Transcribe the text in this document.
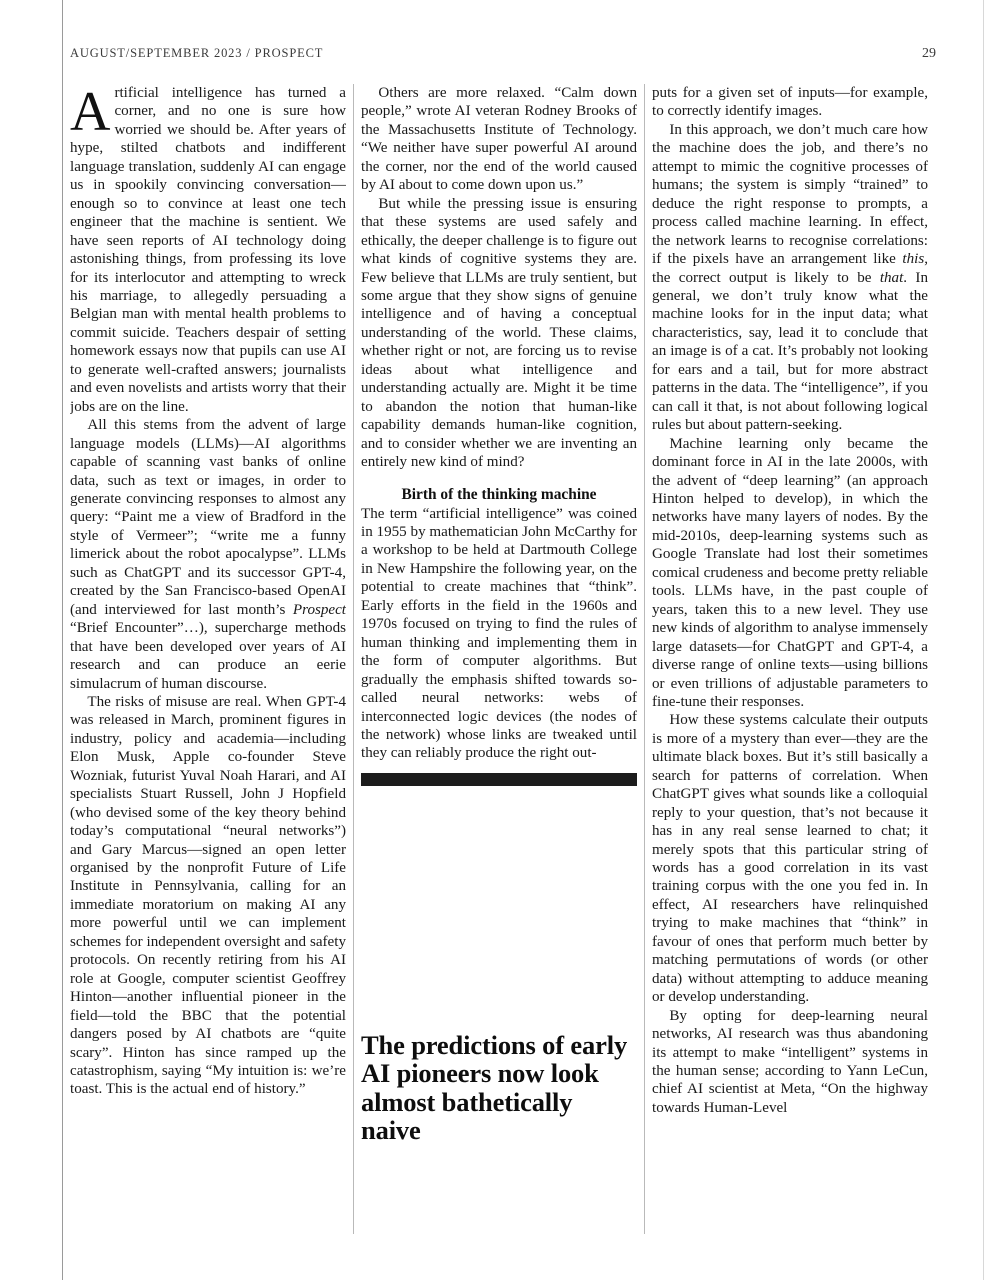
AUGUST/SEPTEMBER 2023 / PROSPECT	29

Artificial intelligence has turned a corner, and no one is sure how worried we should be. After years of hype, stilted chatbots and indifferent language translation, suddenly AI can engage us in spookily convincing conversation—enough so to convince at least one tech engineer that the machine is sentient. We have seen reports of AI technology doing astonishing things, from professing its love for its interlocutor and attempting to wreck his marriage, to allegedly persuading a Belgian man with mental health problems to commit suicide. Teachers despair of setting homework essays now that pupils can use AI to generate well-crafted answers; journalists and even novelists and artists worry that their jobs are on the line.

All this stems from the advent of large language models (LLMs)—AI algorithms capable of scanning vast banks of online data, such as text or images, in order to generate convincing responses to almost any query: “Paint me a view of Bradford in the style of Vermeer”; “write me a funny limerick about the robot apocalypse”. LLMs such as ChatGPT and its successor GPT-4, created by the San Francisco-based OpenAI (and interviewed for last month’s Prospect “Brief Encounter”…), supercharge methods that have been developed over years of AI research and can produce an eerie simulacrum of human discourse.

The risks of misuse are real. When GPT-4 was released in March, prominent figures in industry, policy and academia—including Elon Musk, Apple co-founder Steve Wozniak, futurist Yuval Noah Harari, and AI specialists Stuart Russell, John J Hopfield (who devised some of the key theory behind today’s computational “neural networks”) and Gary Marcus—signed an open letter organised by the nonprofit Future of Life Institute in Pennsylvania, calling for an immediate moratorium on making AI any more powerful until we can implement schemes for independent oversight and safety protocols. On recently retiring from his AI role at Google, computer scientist Geoffrey Hinton—another influential pioneer in the field—told the BBC that the potential dangers posed by AI chatbots are “quite scary”. Hinton has since ramped up the catastrophism, saying “My intuition is: we’re toast. This is the actual end of history.”

Others are more relaxed. “Calm down people,” wrote AI veteran Rodney Brooks of the Massachusetts Institute of Technology. “We neither have super powerful AI around the corner, nor the end of the world caused by AI about to come down upon us.”

But while the pressing issue is ensuring that these systems are used safely and ethically, the deeper challenge is to figure out what kinds of cognitive systems they are. Few believe that LLMs are truly sentient, but some argue that they show signs of genuine intelligence and of having a conceptual understanding of the world. These claims, whether right or not, are forcing us to revise ideas about what intelligence and understanding actually are. Might it be time to abandon the notion that human-like capability demands human-like cognition, and to consider whether we are inventing an entirely new kind of mind?

Birth of the thinking machine

The term “artificial intelligence” was coined in 1955 by mathematician John McCarthy for a workshop to be held at Dartmouth College in New Hampshire the following year, on the potential to create machines that “think”. Early efforts in the field in the 1960s and 1970s focused on trying to find the rules of human thinking and implementing them in the form of computer algorithms. But gradually the emphasis shifted towards so-called neural networks: webs of interconnected logic devices (the nodes of the network) whose links are tweaked until they can reliably produce the right out-

The predictions of early AI pioneers now look almost bathetically naive

puts for a given set of inputs—for example, to correctly identify images.

In this approach, we don’t much care how the machine does the job, and there’s no attempt to mimic the cognitive processes of humans; the system is simply “trained” to deduce the right response to prompts, a process called machine learning. In effect, the network learns to recognise correlations: if the pixels have an arrangement like this, the correct output is likely to be that. In general, we don’t truly know what the machine looks for in the input data; what characteristics, say, lead it to conclude that an image is of a cat. It’s probably not looking for ears and a tail, but for more abstract patterns in the data. The “intelligence”, if you can call it that, is not about following logical rules but about pattern-seeking.

Machine learning only became the dominant force in AI in the late 2000s, with the advent of “deep learning” (an approach Hinton helped to develop), in which the networks have many layers of nodes. By the mid-2010s, deep-learning systems such as Google Translate had lost their sometimes comical crudeness and become pretty reliable tools. LLMs have, in the past couple of years, taken this to a new level. They use new kinds of algorithm to analyse immensely large datasets—for ChatGPT and GPT-4, a diverse range of online texts—using billions or even trillions of adjustable parameters to fine-tune their responses.

How these systems calculate their outputs is more of a mystery than ever—they are the ultimate black boxes. But it’s still basically a search for patterns of correlation. When ChatGPT gives what sounds like a colloquial reply to your question, that’s not because it has in any real sense learned to chat; it merely spots that this particular string of words has a good correlation in its vast training corpus with the one you fed in. In effect, AI researchers have relinquished trying to make machines that “think” in favour of ones that perform much better by matching permutations of words (or other data) without attempting to adduce meaning or develop understanding.

By opting for deep-learning neural networks, AI research was thus abandoning its attempt to make “intelligent” systems in the human sense; according to Yann LeCun, chief AI scientist at Meta, “On the highway towards Human-Level
